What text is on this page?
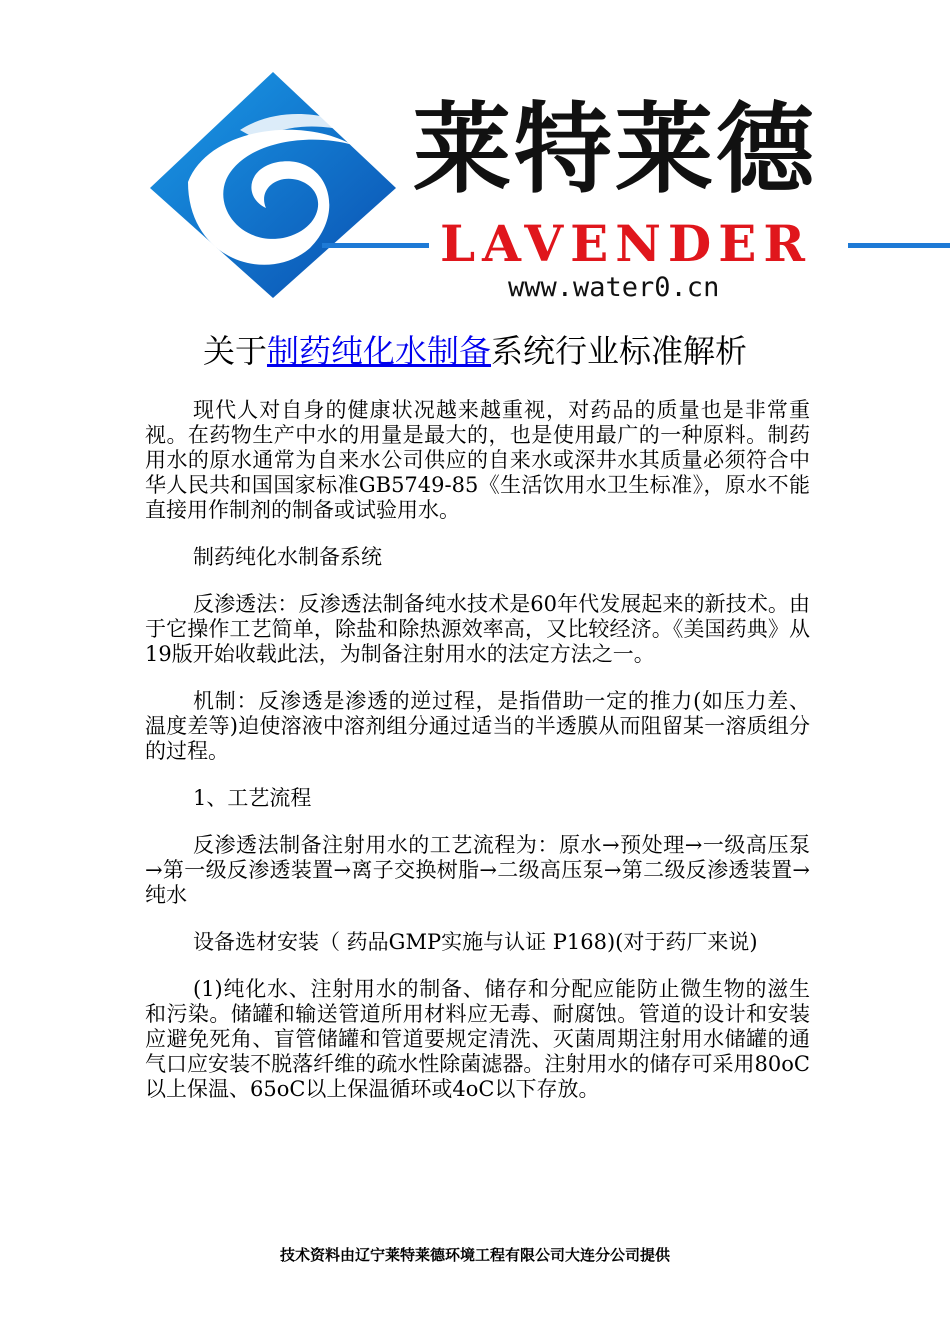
莱特莱德
LAVENDER
www.water0.cn
关于制药纯化水制备系统行业标准解析

现代人对自身的健康状况越来越重视，对药品的质量也是非常重视。在药物生产中水的用量是最大的，也是使用最广的一种原料。制药用水的原水通常为自来水公司供应的自来水或深井水其质量必须符合中华人民共和国国家标准GB5749-85《生活饮用水卫生标准》，原水不能直接用作制剂的制备或试验用水。

制药纯化水制备系统

反渗透法：反渗透法制备纯水技术是60年代发展起来的新技术。由于它操作工艺简单，除盐和除热源效率高，又比较经济。《美国药典》从19版开始收载此法，为制备注射用水的法定方法之一。

机制：反渗透是渗透的逆过程，是指借助一定的推力(如压力差、温度差等)迫使溶液中溶剂组分通过适当的半透膜从而阻留某一溶质组分的过程。

1、工艺流程

反渗透法制备注射用水的工艺流程为：原水→预处理→一级高压泵→第一级反渗透装置→离子交换树脂→二级高压泵→第二级反渗透装置→纯水

设备选材安装（ 药品GMP实施与认证 P168)(对于药厂来说)

(1)纯化水、注射用水的制备、储存和分配应能防止微生物的滋生和污染。储罐和输送管道所用材料应无毒、耐腐蚀。管道的设计和安装应避免死角、盲管储罐和管道要规定清洗、灭菌周期注射用水储罐的通气口应安装不脱落纤维的疏水性除菌滤器。注射用水的储存可采用80oC以上保温、65oC以上保温循环或4oC以下存放。

技术资料由辽宁莱特莱德环境工程有限公司大连分公司提供
